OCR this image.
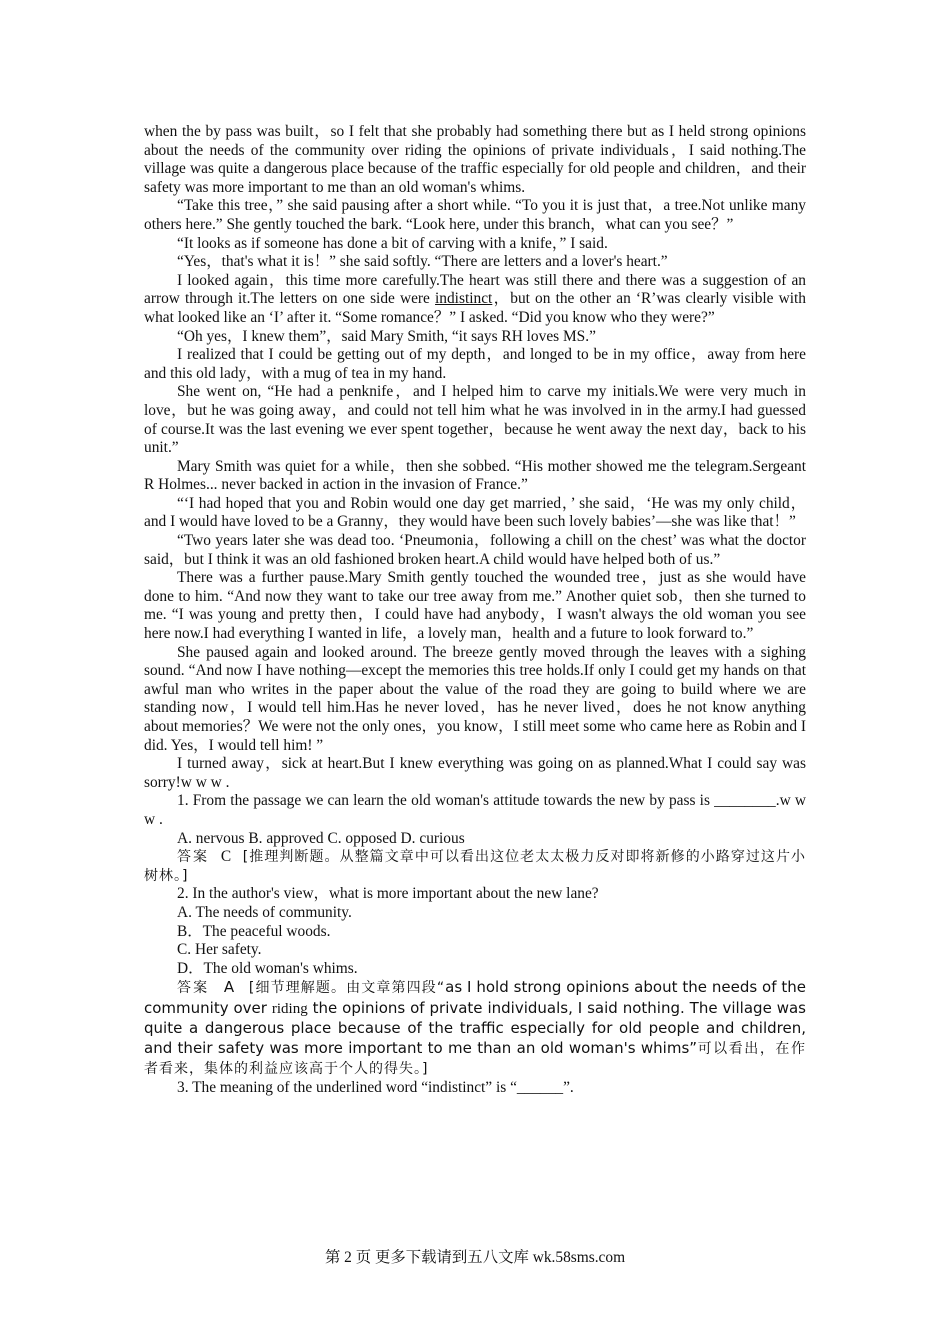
when the by pass was built，so I felt that she probably had something there but as I held strong opinions about the needs of the community over riding the opinions of private individuals，I said nothing.The village was quite a dangerous place because of the traffic especially for old people and children，and their safety was more important to me than an old woman's whims.

“Take this tree，” she said pausing after a short while. “To you it is just that，a tree.Not unlike many others here.” She gently touched the bark. “Look here, under this branch，what can you see？”

“It looks as if someone has done a bit of carving with a knife，” I said.

“Yes，that's what it is！” she said softly. “There are letters and a lover's heart.”

I looked again，this time more carefully.The heart was still there and there was a suggestion of an arrow through it.The letters on one side were indistinct，but on the other an ‘R’was clearly visible with what looked like an ‘I’ after it. “Some romance？” I asked. “Did you know who they were?”

“Oh yes，I knew them”，said Mary Smith, “it says RH loves MS.”

I realized that I could be getting out of my depth，and longed to be in my office，away from here and this old lady，with a mug of tea in my hand.

She went on, “He had a penknife，and I helped him to carve my initials.We were very much in love，but he was going away，and could not tell him what he was involved in in the army.I had guessed of course.It was the last evening we ever spent together，because he went away the next day，back to his unit.”

Mary Smith was quiet for a while，then she sobbed. “His mother showed me the telegram.Sergeant R Holmes... never backed in action in the invasion of France.”

“‘I had hoped that you and Robin would one day get married，’ she said，‘He was my only child，and I would have loved to be a Granny，they would have been such lovely babies’—she was like that！”

“Two years later she was dead too. ‘Pneumonia，following a chill on the chest’ was what the doctor said，but I think it was an old fashioned broken heart.A child would have helped both of us.”

There was a further pause.Mary Smith gently touched the wounded tree，just as she would have done to him. “And now they want to take our tree away from me.” Another quiet sob，then she turned to me. “I was young and pretty then，I could have had anybody，I wasn't always the old woman you see here now.I had everything I wanted in life，a lovely man，health and a future to look forward to.”

She paused again and looked around. The breeze gently moved through the leaves with a sighing sound. “And now I have nothing—except the memories this tree holds.If only I could get my hands on that awful man who writes in the paper about the value of the road they are going to build where we are standing now，I would tell him.Has he never loved，has he never lived，does he not know anything about memories？We were not the only ones，you know，I still meet some who came here as Robin and I did. Yes，I would tell him! ”

I turned away，sick at heart.But I knew everything was going on as planned.What I could say was sorry!w w w .

1. From the passage we can learn the old woman's attitude towards the new by pass is ________.w w w .

A. nervous B. approved C. opposed D. curious

答案 C [推理判断题。从整篇文章中可以看出这位老太太极力反对即将新修的小路穿过这片小树林。]

2. In the author's view，what is more important about the new lane?

A. The needs of community.

B．The peaceful woods.

C. Her safety.

D．The old woman's whims.

答案 A [细节理解题。由文章第四段“as I hold strong opinions about the needs of the community over riding the opinions of private individuals, I said nothing. The village was quite a dangerous place because of the traffic especially for old people and children, and their safety was more important to me than an old woman's whims”可以看出，在作者看来，集体的利益应该高于个人的得失。]

3. The meaning of the underlined word “indistinct” is “______”.

第 2 页 更多下载请到五八文库 wk.58sms.com
